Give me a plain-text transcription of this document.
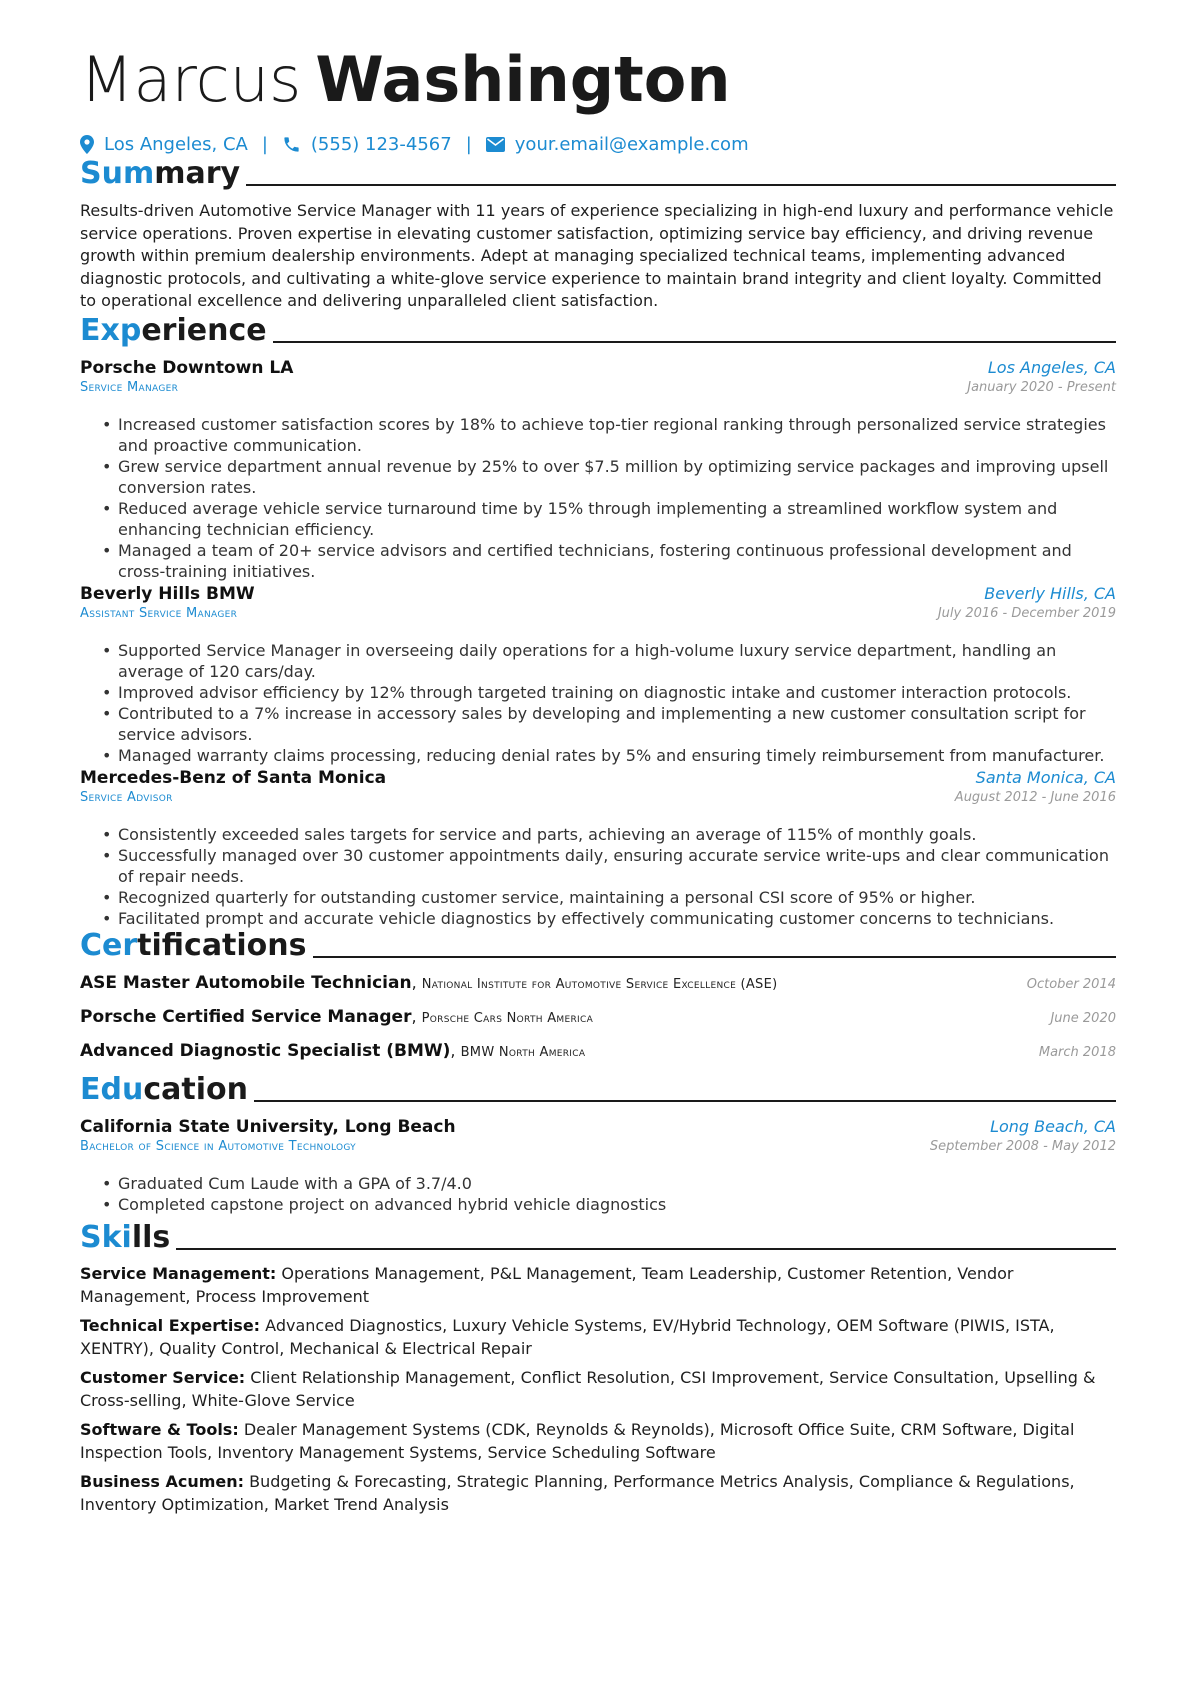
Marcus Washington
Los Angeles, CA | (555) 123-4567 | your.email@example.com
Summary
Results-driven Automotive Service Manager with 11 years of experience specializing in high-end luxury and performance vehicle service operations. Proven expertise in elevating customer satisfaction, optimizing service bay efficiency, and driving revenue growth within premium dealership environments. Adept at managing specialized technical teams, implementing advanced diagnostic protocols, and cultivating a white-glove service experience to maintain brand integrity and client loyalty. Committed to operational excellence and delivering unparalleled client satisfaction.
Experience
Porsche Downtown LA	Los Angeles, CA
Service Manager	January 2020 - Present
• Increased customer satisfaction scores by 18% to achieve top-tier regional ranking through personalized service strategies and proactive communication.
• Grew service department annual revenue by 25% to over $7.5 million by optimizing service packages and improving upsell conversion rates.
• Reduced average vehicle service turnaround time by 15% through implementing a streamlined workflow system and enhancing technician efficiency.
• Managed a team of 20+ service advisors and certified technicians, fostering continuous professional development and cross-training initiatives.
Beverly Hills BMW	Beverly Hills, CA
Assistant Service Manager	July 2016 - December 2019
• Supported Service Manager in overseeing daily operations for a high-volume luxury service department, handling an average of 120 cars/day.
• Improved advisor efficiency by 12% through targeted training on diagnostic intake and customer interaction protocols.
• Contributed to a 7% increase in accessory sales by developing and implementing a new customer consultation script for service advisors.
• Managed warranty claims processing, reducing denial rates by 5% and ensuring timely reimbursement from manufacturer.
Mercedes-Benz of Santa Monica	Santa Monica, CA
Service Advisor	August 2012 - June 2016
• Consistently exceeded sales targets for service and parts, achieving an average of 115% of monthly goals.
• Successfully managed over 30 customer appointments daily, ensuring accurate service write-ups and clear communication of repair needs.
• Recognized quarterly for outstanding customer service, maintaining a personal CSI score of 95% or higher.
• Facilitated prompt and accurate vehicle diagnostics by effectively communicating customer concerns to technicians.
Certifications
ASE Master Automobile Technician, National Institute for Automotive Service Excellence (ASE)	October 2014
Porsche Certified Service Manager, Porsche Cars North America	June 2020
Advanced Diagnostic Specialist (BMW), BMW North America	March 2018
Education
California State University, Long Beach	Long Beach, CA
Bachelor of Science in Automotive Technology	September 2008 - May 2012
• Graduated Cum Laude with a GPA of 3.7/4.0
• Completed capstone project on advanced hybrid vehicle diagnostics
Skills
Service Management: Operations Management, P&L Management, Team Leadership, Customer Retention, Vendor Management, Process Improvement
Technical Expertise: Advanced Diagnostics, Luxury Vehicle Systems, EV/Hybrid Technology, OEM Software (PIWIS, ISTA, XENTRY), Quality Control, Mechanical & Electrical Repair
Customer Service: Client Relationship Management, Conflict Resolution, CSI Improvement, Service Consultation, Upselling & Cross-selling, White-Glove Service
Software & Tools: Dealer Management Systems (CDK, Reynolds & Reynolds), Microsoft Office Suite, CRM Software, Digital Inspection Tools, Inventory Management Systems, Service Scheduling Software
Business Acumen: Budgeting & Forecasting, Strategic Planning, Performance Metrics Analysis, Compliance & Regulations, Inventory Optimization, Market Trend Analysis
